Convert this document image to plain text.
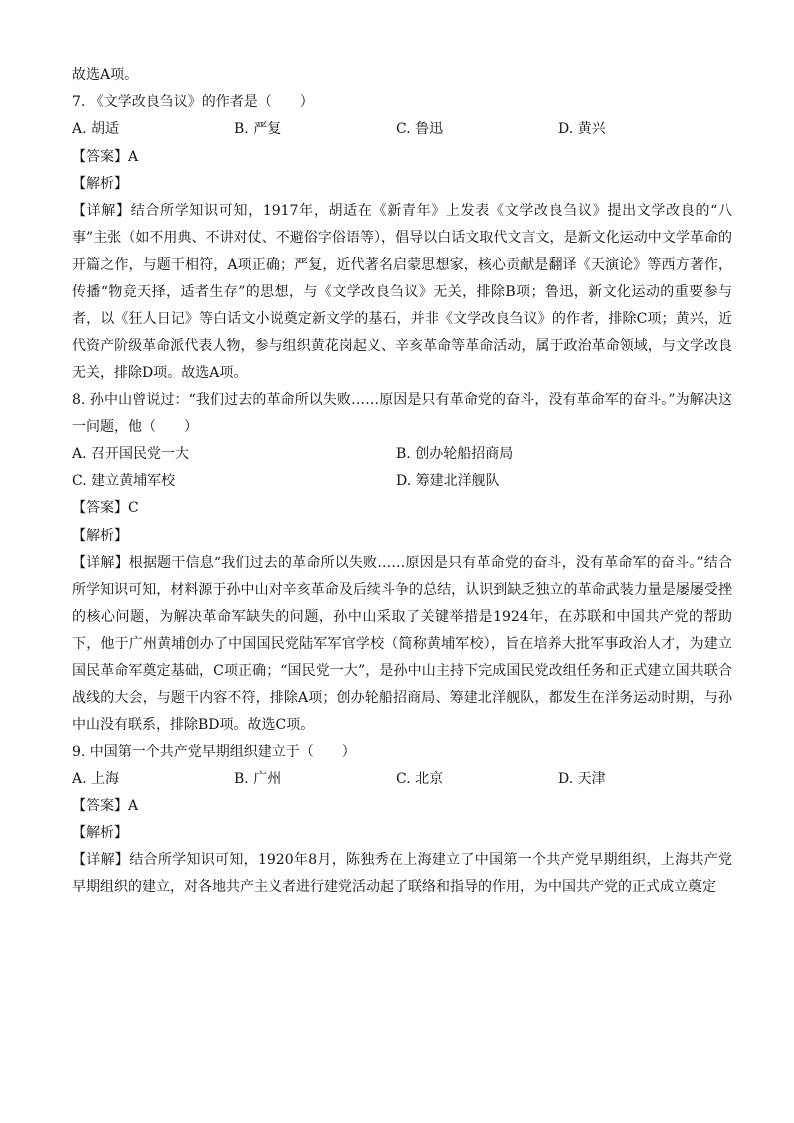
故选A项。
7. 《文学改良刍议》的作者是（　　）
A. 胡适	B. 严复	C. 鲁迅	D. 黄兴
【答案】A
【解析】
【详解】结合所学知识可知，1917年，胡适在《新青年》上发表《文学改良刍议》提出文学改良的“八事”主张（如不用典、不讲对仗、不避俗字俗语等），倡导以白话文取代文言文，是新文化运动中文学革命的开篇之作，与题干相符，A项正确；严复，近代著名启蒙思想家，核心贡献是翻译《天演论》等西方著作，传播“物竞天择，适者生存”的思想，与《文学改良刍议》无关，排除B项；鲁迅，新文化运动的重要参与者，以《狂人日记》等白话文小说奠定新文学的基石，并非《文学改良刍议》的作者，排除C项；黄兴，近代资产阶级革命派代表人物，参与组织黄花岗起义、辛亥革命等革命活动，属于政治革命领域，与文学改良无关，排除D项。故选A项。
8. 孙中山曾说过：“我们过去的革命所以失败……原因是只有革命党的奋斗，没有革命军的奋斗。”为解决这一问题，他（　　）
A. 召开国民党一大	B. 创办轮船招商局
C. 建立黄埔军校	D. 筹建北洋舰队
【答案】C
【解析】
【详解】根据题干信息“我们过去的革命所以失败……原因是只有革命党的奋斗，没有革命军的奋斗。”结合所学知识可知，材料源于孙中山对辛亥革命及后续斗争的总结，认识到缺乏独立的革命武装力量是屡屡受挫的核心问题，为解决革命军缺失的问题，孙中山采取了关键举措是1924年，在苏联和中国共产党的帮助下，他于广州黄埔创办了中国国民党陆军军官学校（简称黄埔军校），旨在培养大批军事政治人才，为建立国民革命军奠定基础，C项正确；“国民党一大”，是孙中山主持下完成国民党改组任务和正式建立国共联合战线的大会，与题干内容不符，排除A项；创办轮船招商局、筹建北洋舰队，都发生在洋务运动时期，与孙中山没有联系，排除BD项。故选C项。
9. 中国第一个共产党早期组织建立于（　　）
A. 上海	B. 广州	C. 北京	D. 天津
【答案】A
【解析】
【详解】结合所学知识可知，1920年8月，陈独秀在上海建立了中国第一个共产党早期组织，上海共产党早期组织的建立，对各地共产主义者进行建党活动起了联络和指导的作用，为中国共产党的正式成立奠定
